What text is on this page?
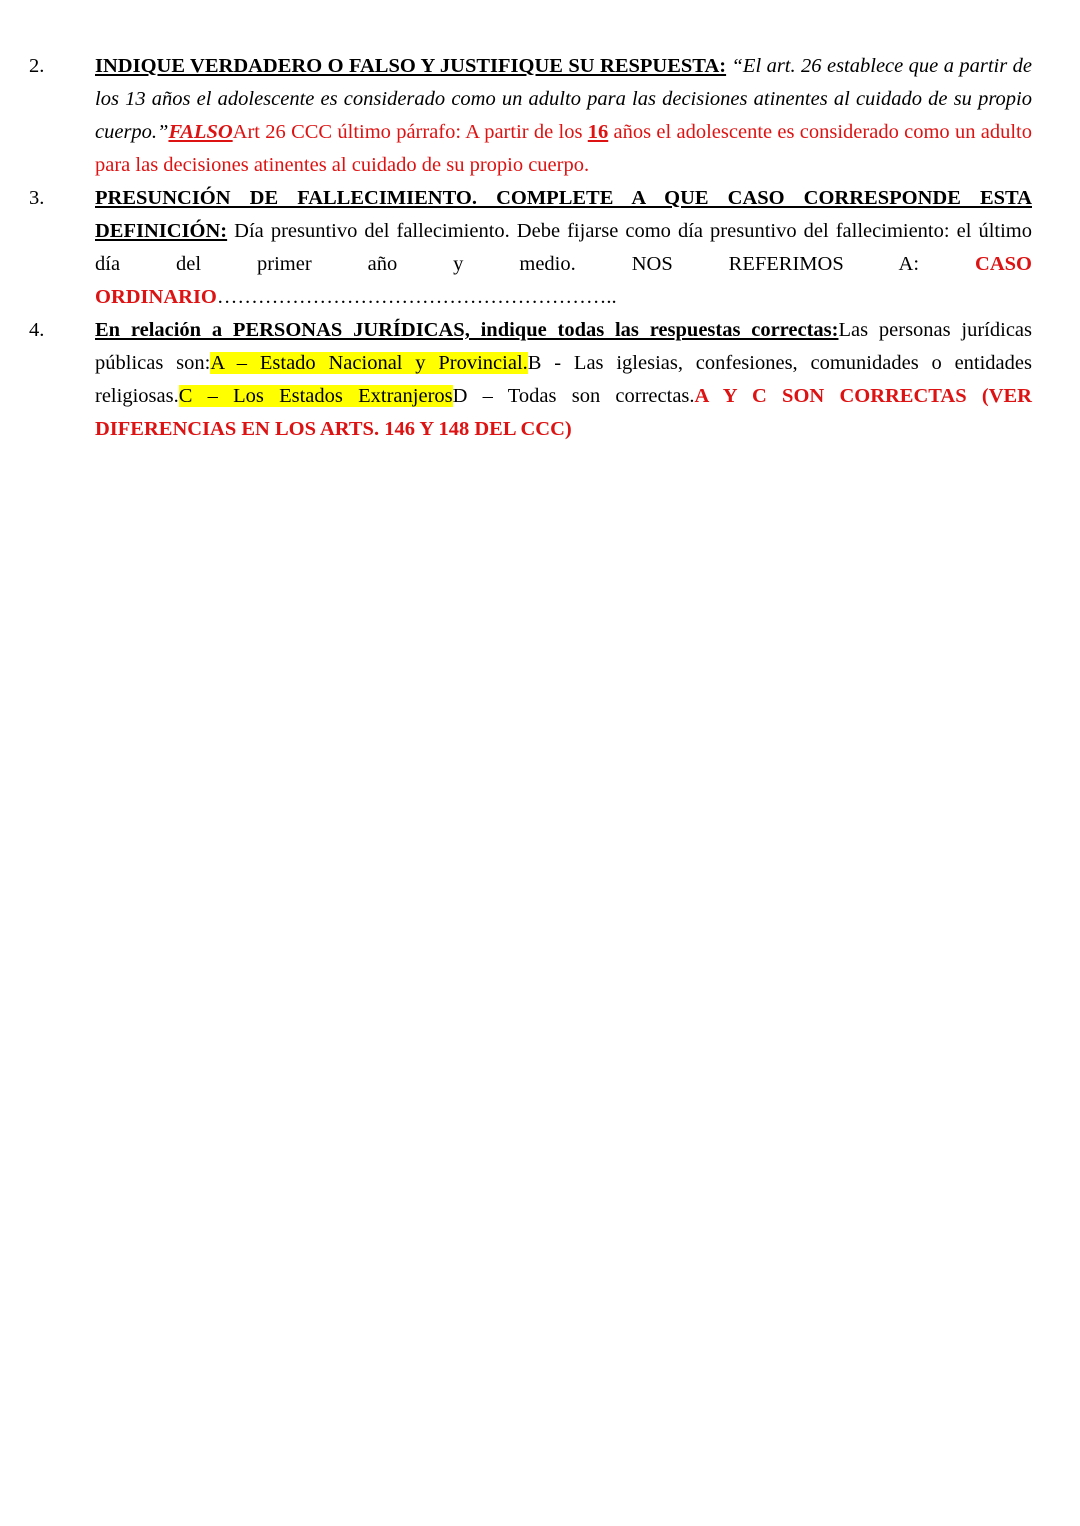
2. INDIQUE VERDADERO O FALSO Y JUSTIFIQUE SU RESPUESTA: “El art. 26 establece que a partir de los 13 años el adolescente es considerado como un adulto para las decisiones atinentes al cuidado de su propio cuerpo.”FALSOArt 26 CCC último párrafo: A partir de los 16 años el adolescente es considerado como un adulto para las decisiones atinentes al cuidado de su propio cuerpo.

3. PRESUNCIÓN DE FALLECIMIENTO. COMPLETE A QUE CASO CORRESPONDE ESTA DEFINICIÓN: Día presuntivo del fallecimiento. Debe fijarse como día presuntivo del fallecimiento: el último día del primer año y medio. NOS REFERIMOS A: CASO ORDINARIO…………………………………………………..

4. En relación a PERSONAS JURÍDICAS, indique todas las respuestas correctas:Las personas jurídicas públicas son:A – Estado Nacional y Provincial.B - Las iglesias, confesiones, comunidades o entidades religiosas.C – Los Estados ExtranjerosD – Todas son correctas.A Y C SON CORRECTAS (VER DIFERENCIAS EN LOS ARTS. 146 Y 148 DEL CCC)
